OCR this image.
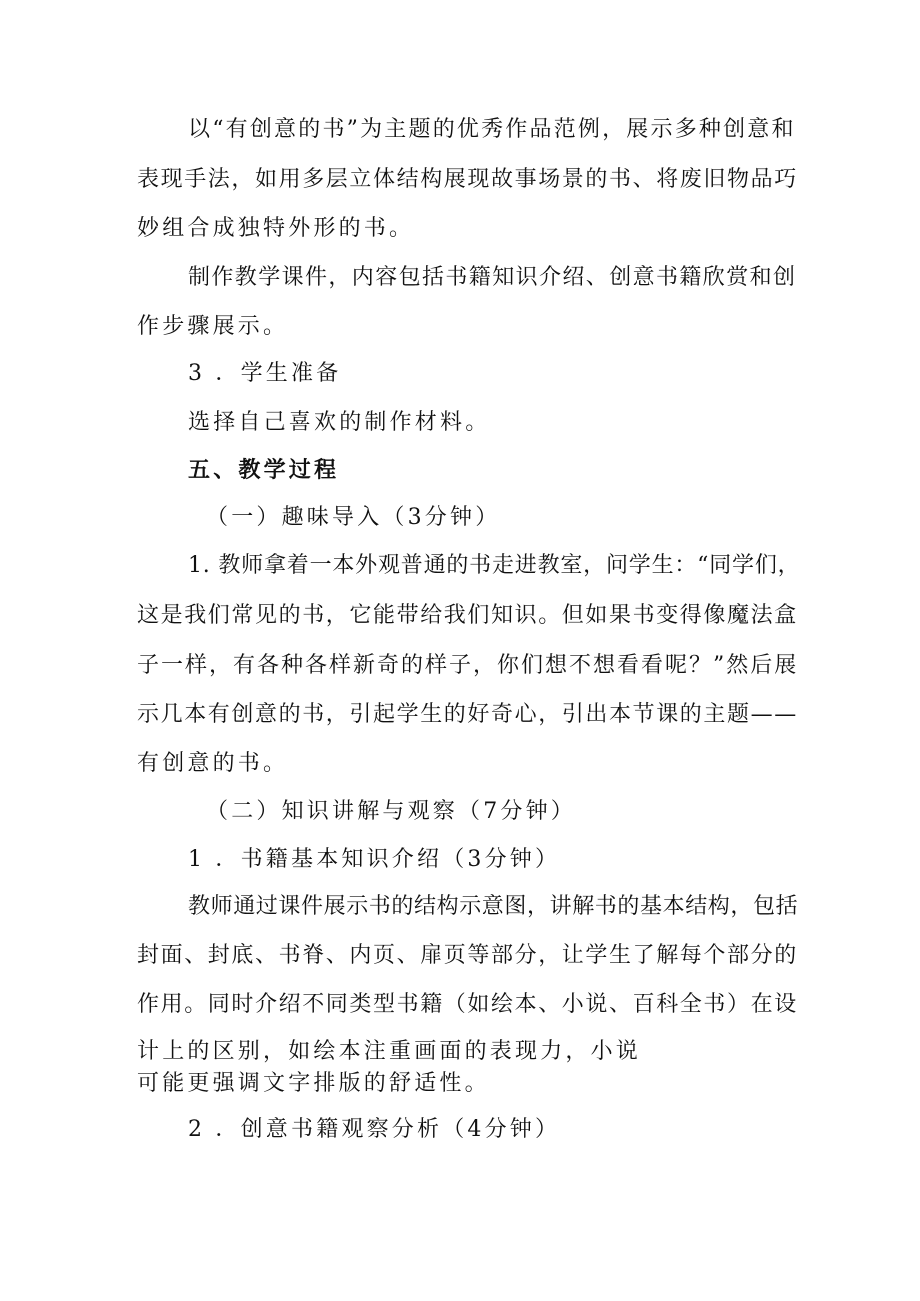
以“有创意的书”为主题的优秀作品范例，展示多种创意和
表现手法，如用多层立体结构展现故事场景的书、将废旧物品巧
妙组合成独特外形的书。
制作教学课件，内容包括书籍知识介绍、创意书籍欣赏和创
作步骤展示。
3 ．学生准备
选择自己喜欢的制作材料。
五、教学过程
（一）趣味导入（3分钟）
1. 教师拿着一本外观普通的书走进教室，问学生：“同学们，
这是我们常见的书，它能带给我们知识。但如果书变得像魔法盒
子一样，有各种各样新奇的样子，你们想不想看看呢？”然后展
示几本有创意的书，引起学生的好奇心，引出本节课的主题——
有创意的书。
（二）知识讲解与观察（7分钟）
1 ．书籍基本知识介绍（3分钟）
教师通过课件展示书的结构示意图，讲解书的基本结构，包括
封面、封底、书脊、内页、扉页等部分，让学生了解每个部分的
作用。同时介绍不同类型书籍（如绘本、小说、百科全书）在设
计上的区别，如绘本注重画面的表现力，小说
可能更强调文字排版的舒适性。
2 ．创意书籍观察分析（4分钟）
